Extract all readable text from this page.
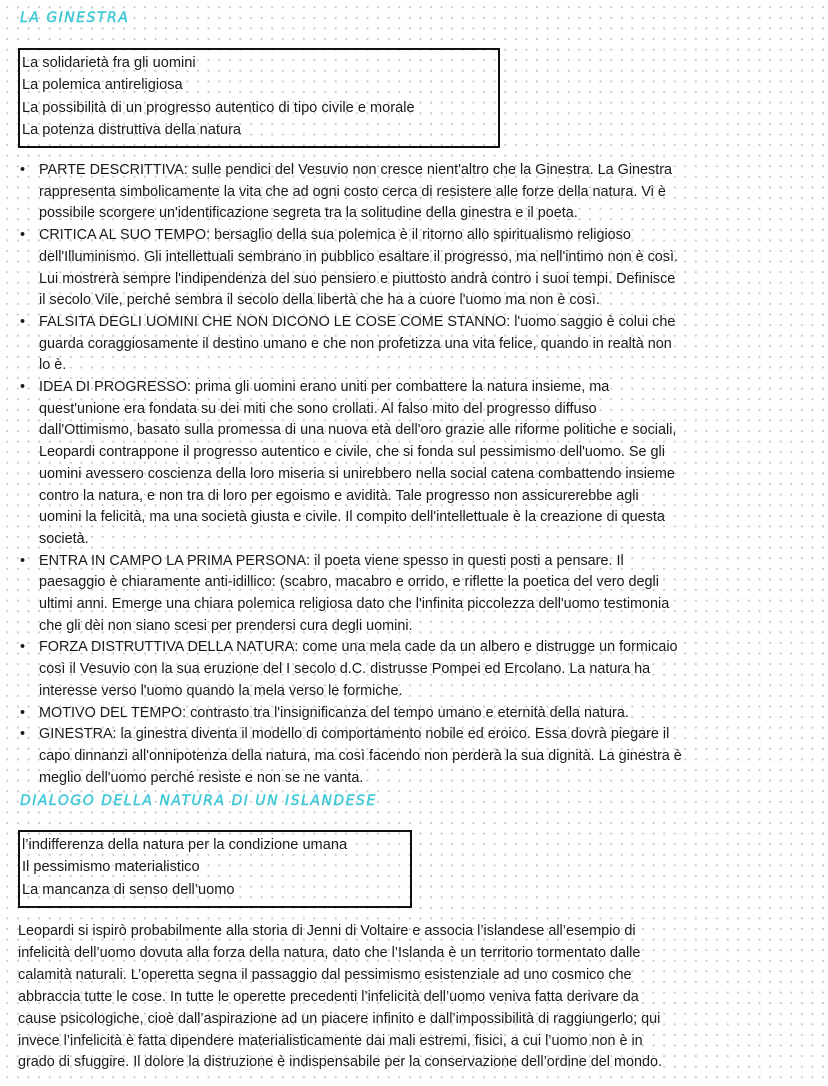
LA GINESTRA
La solidarietà fra gli uomini
La polemica antireligiosa
La possibilità di un progresso autentico di tipo civile e morale
La potenza distruttiva della natura
• PARTE DESCRITTIVA: sulle pendici del Vesuvio non cresce nient'altro che la Ginestra. La Ginestra
rappresenta simbolicamente la vita che ad ogni costo cerca di resistere alle forze della natura. Vi è
possibile scorgere un'identificazione segreta tra la solitudine della ginestra e il poeta.
• CRITICA AL SUO TEMPO: bersaglio della sua polemica è il ritorno allo spiritualismo religioso
dell'Illuminismo. Gli intellettuali sembrano in pubblico esaltare il progresso, ma nell'intimo non è così.
Lui mostrerà sempre l'indipendenza del suo pensiero e piuttosto andrà contro i suoi tempi. Definisce
il secolo Vile, perché sembra il secolo della libertà che ha a cuore l'uomo ma non è così.
• FALSITA DEGLI UOMINI CHE NON DICONO LE COSE COME STANNO: l'uomo saggio è colui che
guarda coraggiosamente il destino umano e che non profetizza una vita felice, quando in realtà non
lo è.
• IDEA DI PROGRESSO: prima gli uomini erano uniti per combattere la natura insieme, ma
quest'unione era fondata su dei miti che sono crollati. Al falso mito del progresso diffuso
dall'Ottimismo, basato sulla promessa di una nuova età dell'oro grazie alle riforme politiche e sociali,
Leopardi contrappone il progresso autentico e civile, che si fonda sul pessimismo dell'uomo. Se gli
uomini avessero coscienza della loro miseria si unirebbero nella social catena combattendo insieme
contro la natura, e non tra di loro per egoismo e avidità. Tale progresso non assicurerebbe agli
uomini la felicità, ma una società giusta e civile. Il compito dell'intellettuale è la creazione di questa
società.
• ENTRA IN CAMPO LA PRIMA PERSONA: il poeta viene spesso in questi posti a pensare. Il
paesaggio è chiaramente anti-idillico: (scabro, macabro e orrido, e riflette la poetica del vero degli
ultimi anni. Emerge una chiara polemica religiosa dato che l'infinita piccolezza dell'uomo testimonia
che gli dèi non siano scesi per prendersi cura degli uomini.
• FORZA DISTRUTTIVA DELLA NATURA: come una mela cade da un albero e distrugge un formicaio
così il Vesuvio con la sua eruzione del I secolo d.C. distrusse Pompei ed Ercolano. La natura ha
interesse verso l'uomo quando la mela verso le formiche.
• MOTIVO DEL TEMPO: contrasto tra l'insignificanza del tempo umano e eternità della natura.
• GINESTRA: la ginestra diventa il modello di comportamento nobile ed eroico. Essa dovrà piegare il
capo dinnanzi all'onnipotenza della natura, ma così facendo non perderà la sua dignità. La ginestra è
meglio dell'uomo perché resiste e non se ne vanta.
DIALOGO DELLA NATURA DI UN ISLANDESE
l’indifferenza della natura per la condizione umana
Il pessimismo materialistico
La mancanza di senso dell’uomo
Leopardi si ispirò probabilmente alla storia di Jenni di Voltaire e associa l’islandese all’esempio di
infelicità dell’uomo dovuta alla forza della natura, dato che l’Islanda è un territorio tormentato dalle
calamità naturali. L’operetta segna il passaggio dal pessimismo esistenziale ad uno cosmico che
abbraccia tutte le cose. In tutte le operette precedenti l’infelicità dell’uomo veniva fatta derivare da
cause psicologiche, cioè dall’aspirazione ad un piacere infinito e dall’impossibilità di raggiungerlo; qui
invece l’infelicità è fatta dipendere materialisticamente dai mali estremi, fisici, a cui l’uomo non è in
grado di sfuggire. Il dolore la distruzione è indispensabile per la conservazione dell’ordine del mondo.
